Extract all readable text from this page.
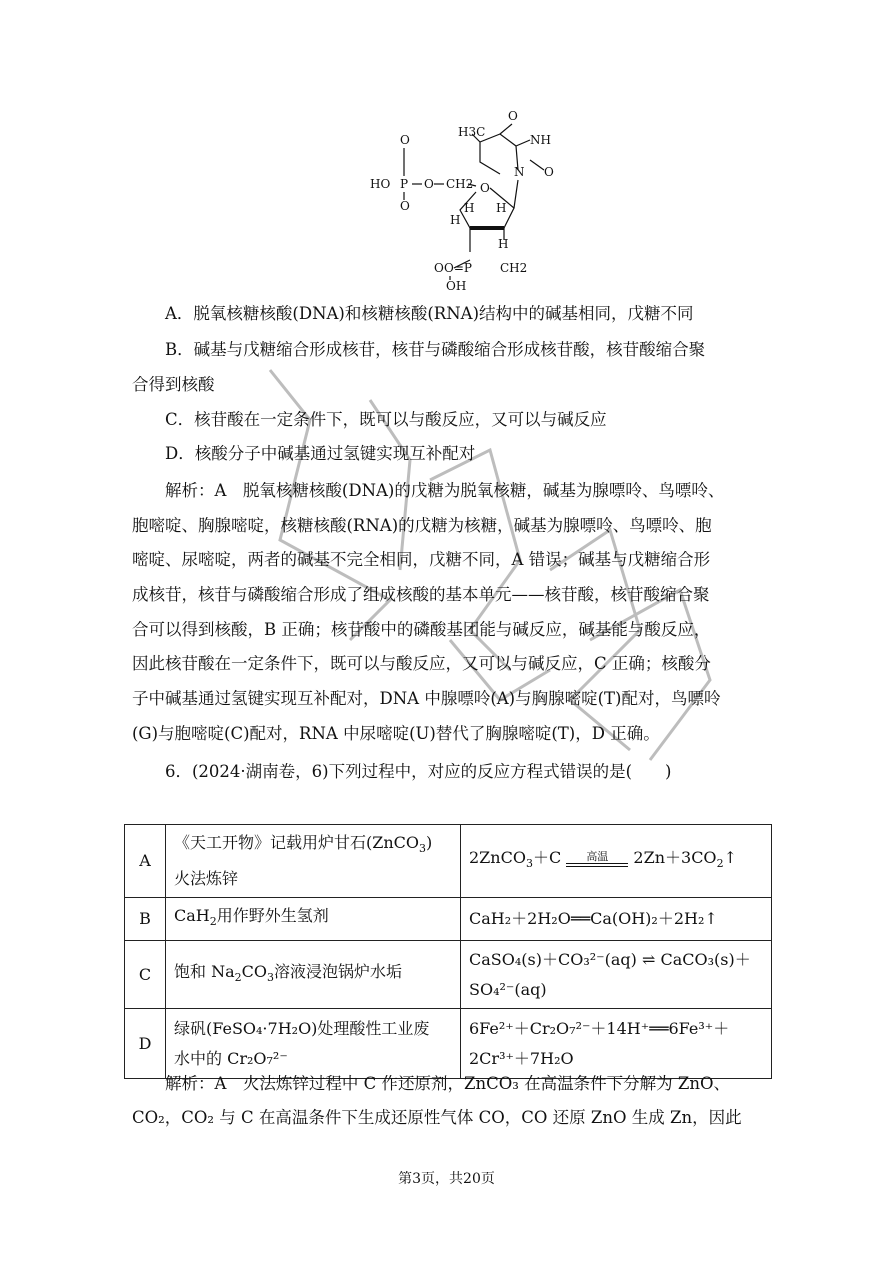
O
HO P O CH2 O
N
H3C
O
NH
O
H
H H
H
O
O O=P CH2
OH
A．脱氧核糖核酸(DNA)和核糖核酸(RNA)结构中的碱基相同，戊糖不同
B．碱基与戊糖缩合形成核苷，核苷与磷酸缩合形成核苷酸，核苷酸缩合聚
合得到核酸
C．核苷酸在一定条件下，既可以与酸反应，又可以与碱反应
D．核酸分子中碱基通过氢键实现互补配对
解析：A　脱氧核糖核酸(DNA)的戊糖为脱氧核糖，碱基为腺嘌呤、鸟嘌呤、
胞嘧啶、胸腺嘧啶，核糖核酸(RNA)的戊糖为核糖，碱基为腺嘌呤、鸟嘌呤、胞
嘧啶、尿嘧啶，两者的碱基不完全相同，戊糖不同，A 错误；碱基与戊糖缩合形
成核苷，核苷与磷酸缩合形成了组成核酸的基本单元——核苷酸，核苷酸缩合聚
合可以得到核酸，B 正确；核苷酸中的磷酸基团能与碱反应，碱基能与酸反应，
因此核苷酸在一定条件下，既可以与酸反应，又可以与碱反应，C 正确；核酸分
子中碱基通过氢键实现互补配对，DNA 中腺嘌呤(A)与胸腺嘧啶(T)配对，鸟嘌呤
(G)与胞嘧啶(C)配对，RNA 中尿嘧啶(U)替代了胸腺嘧啶(T)，D 正确。
6．(2024·湖南卷，6)下列过程中，对应的反应方程式错误的是(　　)
A	《天工开物》记载用炉甘石(ZnCO$_3$)
火法炼锌	2ZnCO$_3$＋C 高温 $2Zn+3CO_2↑$
B	CaH$_2$用作野外生氢剂	CaH₂＋2H₂O══Ca(OH)₂＋2H₂↑
C	饱和 $Na_2CO_3$溶液浸泡锅炉水垢	CaSO₄(s)＋CO₃²⁻(aq) ⇌ CaCO₃(s)＋
SO₄²⁻(aq)
D	绿矾(FeSO₄·7H₂O)处理酸性工业废
水中的 Cr₂O₇²⁻	6Fe²⁺＋Cr₂O₇²⁻＋14H⁺══6Fe³⁺＋
2Cr³⁺＋7H₂O
解析：A　火法炼锌过程中 C 作还原剂，ZnCO₃ 在高温条件下分解为 ZnO、
CO₂，CO₂ 与 C 在高温条件下生成还原性气体 CO，CO 还原 ZnO 生成 Zn，因此
第3页，共20页
